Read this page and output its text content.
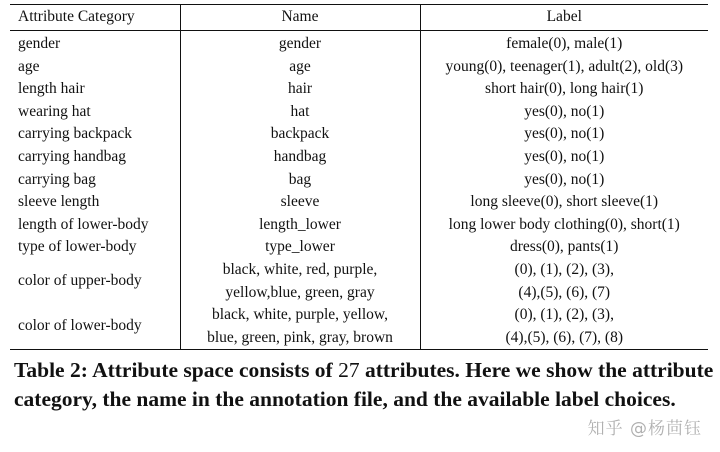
Attribute Category	Name	Label
gender	gender	female(0), male(1)
age	age	young(0), teenager(1), adult(2), old(3)
length hair	hair	short hair(0), long hair(1)
wearing hat	hat	yes(0), no(1)
carrying backpack	backpack	yes(0), no(1)
carrying handbag	handbag	yes(0), no(1)
carrying bag	bag	yes(0), no(1)
sleeve length	sleeve	long sleeve(0), short sleeve(1)
length of lower-body	length_lower	long lower body clothing(0), short(1)
type of lower-body	type_lower	dress(0), pants(1)
color of upper-body	black, white, red, purple,	(0), (1), (2), (3),
	yellow,blue, green, gray	(4),(5), (6), (7)
color of lower-body	black, white, purple, yellow,	(0), (1), (2), (3),
	blue, green, pink, gray, brown	(4),(5), (6), (7), (8)
Table 2: Attribute space consists of 27 attributes. Here we show the attribute category, the name in the annotation file, and the available label choices.
知乎 @杨茴钰
